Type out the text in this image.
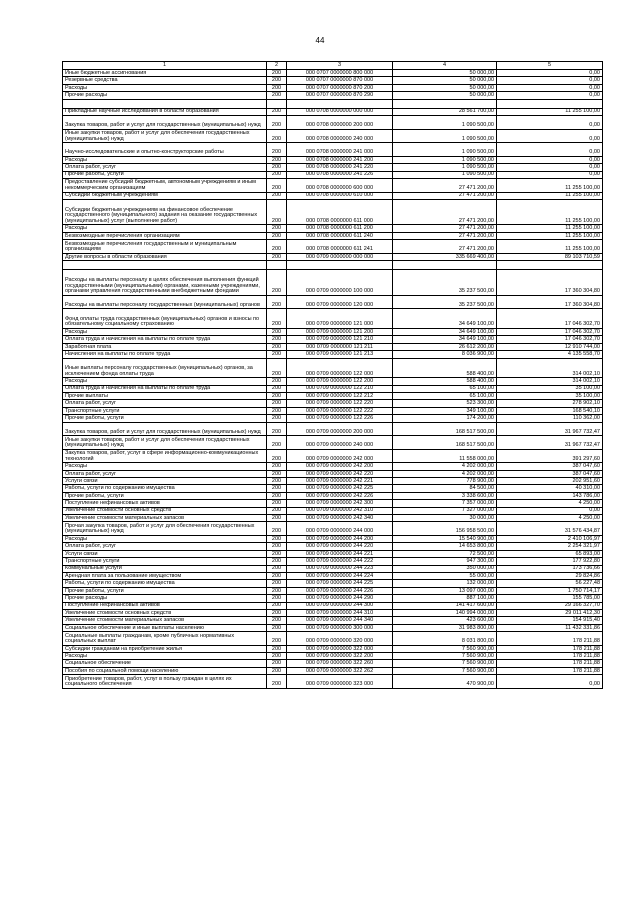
44
1	2	3	4	5
Иные бюджетные ассигнования	200	000 0707 0000000 800 000	50 000,00	0,00
Резервные средства	200	000 0707 0000000 870 000	50 000,00	0,00
Расходы	200	000 0707 0000000 870 200	50 000,00	0,00
Прочие расходы	200	000 0707 0000000 870 290	50 000,00	0,00

Прикладные научные исследования в области образования	200	000 0708 0000000 000 000	28 561 700,00	11 255 100,00
Закупка товаров, работ и услуг для государственных (муниципальных) нужд	200	000 0708 0000000 200 000	1 090 500,00	0,00
Иные закупки товаров, работ и услуг для обеспечения государственных (муниципальных) нужд	200	000 0708 0000000 240 000	1 090 500,00	0,00
Научно-исследовательские и опытно-конструкторские работы	200	000 0708 0000000 241 000	1 090 500,00	0,00
Расходы	200	000 0708 0000000 241 200	1 090 500,00	0,00
Оплата работ, услуг	200	000 0708 0000000 241 220	1 090 500,00	0,00
Прочие работы, услуги	200	000 0708 0000000 241 226	1 090 500,00	0,00
Предоставление субсидий бюджетным, автономным учреждениям и иным некоммерческим организациям	200	000 0708 0000000 600 000	27 471 200,00	11 255 100,00
Субсидии бюджетным учреждениям	200	000 0708 0000000 610 000	27 471 200,00	11 255 100,00
Субсидии бюджетным учреждениям на финансовое обеспечение государственного (муниципального) задания на оказание государственных (муниципальных) услуг (выполнение работ)	200	000 0708 0000000 611 000	27 471 200,00	11 255 100,00
Расходы	200	000 0708 0000000 611 200	27 471 200,00	11 255 100,00
Безвозмездные перечисления организациям	200	000 0708 0000000 611 240	27 471 200,00	11 255 100,00
Безвозмездные перечисления государственным и муниципальным организациям	200	000 0708 0000000 611 241	27 471 200,00	11 255 100,00
Другие вопросы в области образования	200	000 0709 0000000 000 000	335 669 400,00	89 103 710,59

Расходы на выплаты персоналу в целях обеспечения выполнения функций государственными (муниципальными) органами, казенными учреждениями, органами управления государственными внебюджетными фондами	200	000 0709 0000000 100 000	35 237 500,00	17 360 304,80
Расходы на выплаты персоналу государственных (муниципальных) органов	200	000 0709 0000000 120 000	35 237 500,00	17 360 304,80
Фонд оплаты труда государственных (муниципальных) органов и взносы по обязательному социальному страхованию	200	000 0709 0000000 121 000	34 649 100,00	17 046 302,70
Расходы	200	000 0709 0000000 121 200	34 649 100,00	17 046 302,70
Оплата труда и начисления на выплаты по оплате труда	200	000 0709 0000000 121 210	34 649 100,00	17 046 302,70
Заработная плата	200	000 0709 0000000 121 211	26 612 200,00	12 910 744,00
Начисления на выплаты по оплате труда	200	000 0709 0000000 121 213	8 036 900,00	4 135 558,70
Иные выплаты персоналу государственных (муниципальных) органов, за исключением фонда оплаты труда	200	000 0709 0000000 122 000	588 400,00	314 002,10
Расходы	200	000 0709 0000000 122 200	588 400,00	314 002,10
Оплата труда и начисления на выплаты по оплате труда	200	000 0709 0000000 122 210	65 100,00	35 100,00
Прочие выплаты	200	000 0709 0000000 122 212	65 100,00	35 100,00
Оплата работ, услуг	200	000 0709 0000000 122 220	523 300,00	278 902,10
Транспортные услуги	200	000 0709 0000000 122 222	349 100,00	168 540,10
Прочие работы, услуги	200	000 0709 0000000 122 226	174 200,00	110 362,00
Закупка товаров, работ и услуг для государственных (муниципальных) нужд	200	000 0709 0000000 200 000	168 517 500,00	31 967 732,47
Иные закупки товаров, работ и услуг для обеспечения государственных (муниципальных) нужд	200	000 0709 0000000 240 000	168 517 500,00	31 967 732,47
Закупка товаров, работ, услуг в сфере информационно-коммуникационных технологий	200	000 0709 0000000 242 000	11 558 000,00	391 297,60
Расходы	200	000 0709 0000000 242 200	4 202 000,00	387 047,60
Оплата работ, услуг	200	000 0709 0000000 242 220	4 202 000,00	387 047,60
Услуги связи	200	000 0709 0000000 242 221	778 900,00	202 951,60
Работы, услуги по содержанию имущества	200	000 0709 0000000 242 225	84 500,00	40 310,00
Прочие работы, услуги	200	000 0709 0000000 242 226	3 338 600,00	143 786,00
Поступление нефинансовых активов	200	000 0709 0000000 242 300	7 357 000,00	4 250,00
Увеличение стоимости основных средств	200	000 0709 0000000 242 310	7 327 000,00	0,00
Увеличение стоимости материальных запасов	200	000 0709 0000000 242 340	30 000,00	4 250,00
Прочая закупка товаров, работ и услуг для обеспечения государственных (муниципальных) нужд	200	000 0709 0000000 244 000	156 958 500,00	31 576 434,87
Расходы	200	000 0709 0000000 244 200	15 540 900,00	2 410 106,97
Оплата работ, услуг	200	000 0709 0000000 244 220	14 653 800,00	2 254 321,97
Услуги связи	200	000 0709 0000000 244 221	72 500,00	65 893,00
Транспортные услуги	200	000 0709 0000000 244 222	947 300,00	177 922,80
Коммунальные услуги	200	000 0709 0000000 244 223	350 000,00	173 736,66
Арендная плата за пользование имуществом	200	000 0709 0000000 244 224	55 000,00	29 824,86
Работы, услуги по содержанию имущества	200	000 0709 0000000 244 225	132 000,00	56 227,48
Прочие работы, услуги	200	000 0709 0000000 244 226	13 097 000,00	1 750 714,17
Прочие расходы	200	000 0709 0000000 244 290	887 100,00	155 785,00
Поступление нефинансовых активов	200	000 0709 0000000 244 300	141 417 600,00	29 166 327,70
Увеличение стоимости основных средств	200	000 0709 0000000 244 310	140 994 000,00	29 011 412,30
Увеличение стоимости материальных запасов	200	000 0709 0000000 244 340	423 600,00	154 915,40
Социальное обеспечение и иные выплаты населению	200	000 0709 0000000 300 000	31 983 800,00	11 432 331,86
Социальные выплаты гражданам, кроме публичных нормативных социальных выплат	200	000 0709 0000000 320 000	8 031 800,00	178 211,88
Субсидии гражданам на приобретение жилья	200	000 0709 0000000 322 000	7 560 900,00	178 211,88
Расходы	200	000 0709 0000000 322 200	7 560 900,00	178 211,88
Социальное обеспечение	200	000 0709 0000000 322 260	7 560 900,00	178 211,88
Пособия по социальной помощи населению	200	000 0709 0000000 322 262	7 560 900,00	178 211,88
Приобретение товаров, работ, услуг в пользу граждан в целях их социального обеспечения	200	000 0709 0000000 323 000	470 900,00	0,00
